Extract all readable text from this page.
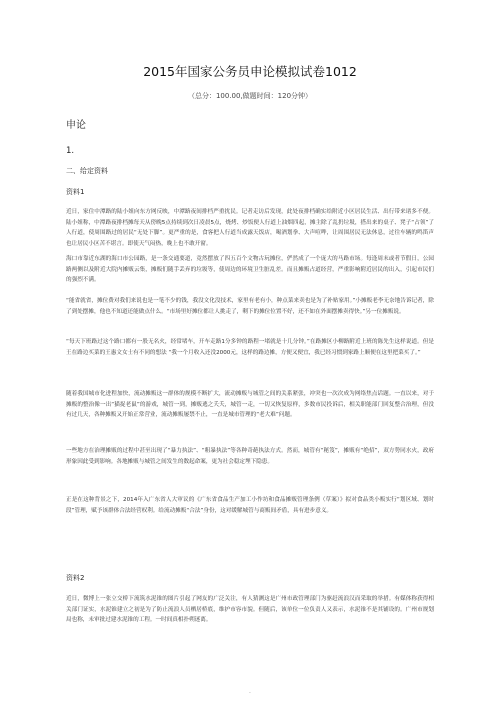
2015年国家公务员申论模拟试卷1012
（总分：100.00,做题时间：120分钟）
申论
1.
二、给定资料
资料1

近日，家住中潭路的陆小姐向东方网反映，中潭路夜间排档严重扰民。记者走访后发现，此处夜排档确实给附近小区居民生活、出行带来诸多不便。陆小姐称，中潭路夜排档摊每天从傍晚5点持续到次日凌晨5点，烧烤、炒饭便人行道上油烟四起，摊主除了乱扔垃圾，搭出来的桌子、凳子“占领”了人行道，使周围路过的居民“无处下脚”。更严重的是，食客把人行道当成露天饭店，喝酒划拳、大声喧哗，让周围居民无法休息，过往车辆的鸣笛声也让居民小区苦不堪言。即使天气闷热，晚上也不敢开窗。

海口市靠近东湖的海口市公园路，是一条交通要道，竟然摆放了四五百个文物古玩摊位，俨然成了一个庞大的马路市场。每逢周末或者节假日，公园路两侧以及附近大院内摊贩云集，摊贩们随手丢弃的垃圾等，使周边的环境卫生脏乱差。而且摊贩占道经营，严重影响附近居民的出入，引起市民们的强烈不满。

“能省就省，摊位费对我们来说也是一笔不少的钱，我没文化没技术，家里有老有小，种点菜来卖也是为了补贴家用。”小摊贩老李无奈地告诉记者，除了到处摆摊，他也不知道还能做点什么。“市场里好摊位都让人挑走了，剩下的摊位位置不好，还不如在外面摆摊卖得快。”另一位摊贩说。

“每天下班路过这个路口都有一股无名火，经常堵车，开车走路1分多钟的路程一堵就是十几分钟。”在路摊区小柳路附近上班的陈先生这样说道。但是王在路边买菜的王惠文女士有不同的想法 “我一个月收入还没2000元，这样的路边摊，方便又便宜，我已经习惯到家路上顺便在这里把菜买了。”

随着我国城市化进程加快，流动摊贩这一群体的规模不断扩大，流动摊贩与城管之间的关系紧张，冲突也一次次成为网络焦点话题。一直以来，对于摊贩的整治像一出“猫捉老鼠”的游戏，城管一到，摊贩逃之夭夭，城管一走，一切又恢复原样，多数市民投诉后，相关职能部门回复整合治理，但没有过几天，各种摊贩又开始正常营业，流动摊贩屡禁不止，一直是城市管理的“老大难”问题。

一些地方在治理摊贩的过程中甚至出现了“暴力执法”、“粗暴执法”等各种奇葩执法方式。然而，城管有“秘笈”，摊贩有“绝招”，双方势同水火，政府形象因此受到影响。各地摊贩与城管之间发生的数起命案，更为社会稳定埋下隐患。

正是在这种背景之下，2014年入广东省人大审议的《广东省食品生产加工小作坊和食品摊贩管理条例（草案）》拟对食品类小贩实行“划区域、划时段”管理，赋予该群体合法经营权利。给流动摊贩“合法”身份，这对缓解城管与商贩间矛盾，具有进步意义。

资料2

近日，微博上一张立交桥下流筑水泥锥的图片引起了网友的广泛关注，有人猜测这是广州市政管理部门为驱赶流浪汉而采取的举措。有媒体称获得相关部门证实，水泥锥建立之初是为了防止流浪人员栖居桥底，维护市容市貌。但随后，该单位一位负责人又表示，水泥锥不是其铺设的。广州市规划局也称，未审批过建水泥锥的工程。一时间真相扑朔迷离。

·
